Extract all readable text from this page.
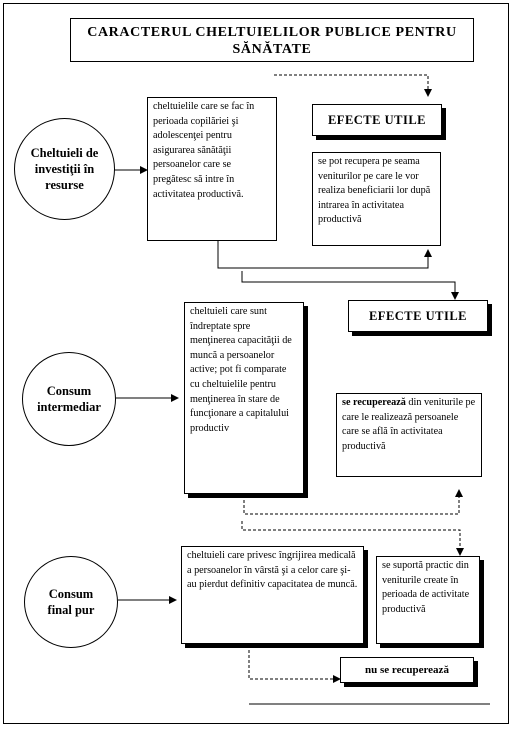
CARACTERUL CHELTUIELILOR PUBLICE PENTRU SĂNĂTATE
Cheltuieli de investiţii în resurse
cheltuielile care se fac în perioada copilăriei şi adolescenţei pentru asigurarea sănătăţii persoanelor care se pregătesc să intre în activitatea productivă.
EFECTE UTILE
se pot recupera pe seama veniturilor pe care le vor realiza beneficiarii lor după intrarea în activitatea productivă
Consum intermediar
cheltuieli care sunt îndreptate spre menţinerea capacităţii de muncă a persoanelor active; pot fi comparate cu cheltuielile pentru menţinerea în stare de funcţionare a capitalului productiv
EFECTE UTILE
se recuperează din veniturile pe care le realizează persoanele care se află în activitatea productivă
Consum final pur
cheltuieli care privesc îngrijirea medicală a persoanelor în vârstă şi a celor care şi-au pierdut definitiv capacitatea de muncă.
se suportă practic din veniturile create în perioada de activitate productivă
nu se recuperează
